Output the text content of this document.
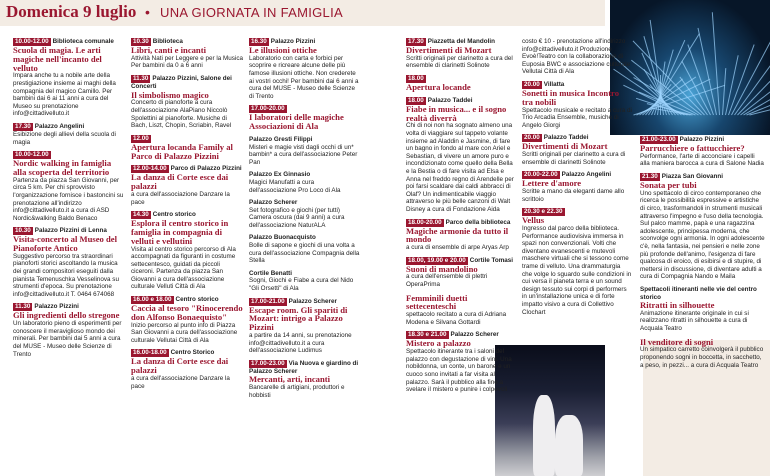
Domenica 9 luglio • UNA GIORNATA IN FAMIGLIA
10.00-12.00 Biblioteca comunale
Scuola di magia. Le arti magiche nell'incanto del velluto
Impara anche tu a nobile arte della prestigiazione insieme ai maghi della compagnia del magico Camillo. Per bambini dai 6 ai 11 anni a cura del Museo su prenotazione info@cittadivelluto.it
17.30 Palazzo Angelini
Esibizione degli allievi della scuola di magia
10.00-12.00
Nordic walking in famiglia alla scoperta del territorio
Partenza da piazza San Giovanni, per circa 5 km. Per chi sprovvisto l'organizzazione fornisce i bastoncini su prenotazione all'indirizzo info@cittadivelluto.it a cura di ASD Nordic&walking Baldo Benaco
10.30 Palazzo Pizzini di Lenna
Visita-concerto al Museo del Pianoforte Antico
Suggestivo percorso tra straordinari pianoforti storici ascoltando la musica dei grandi compositori eseguiti dalla pianista Temenuschka Vesselinova su strumenti d'epoca. Su prenotazione info@cittadivelluto.it T. 0464 674068
11.30 Palazzo Pizzini
Gli ingredienti dello stregone
Un laboratorio pieno di esperimenti per conoscere il meraviglioso mondo dei minerali. Per bambini dai 5 anni a cura del MUSE - Museo delle Scienze di Trento
10.30 Biblioteca
Libri, canti e incanti
Attività Nati per Leggere e per la Musica Per bambini da 0 a 6 anni
11.30 Palazzo Pizzini, Salone dei Concerti
Il simbolismo magico
Concerto di pianoforte a cura dell'associazione AlaPiano Niccolò Spolettini al pianoforte. Musiche di Bach, Liszt, Chopin, Scriabin, Ravel
12.00
Apertura locanda Family al Parco di Palazzo Pizzini
12.00-14.00 Parco di Palazzo Pizzini
La danza di Corte esce dai palazzi
a cura dell'associazione Danzare la pace
14.30 Centro storico
Esplora il centro storico in famiglia in compagnia di velluti e vellutini
Visita al centro storico percorso di Ala accompagnati da figuranti in costume settecentesco, guidati da piccoli ciceroni. Partenza da piazza San Giovanni a cura dell'associazione culturale Velluti Città di Ala
16.00 e 18.00 Centro storico
Caccia al tesoro "Rinocerendo don Alfonso Bonaequisto"
Inizio percorso al punto info di Piazza San Giovanni a cura dell'associazione culturale Vellutai Città di Ala
16.00-18.00 Centro Storico
La danza di Corte esce dai palazzi
a cura dell'associazione Danzare la pace
16.30 Palazzo Pizzini
Le illusioni ottiche
Laboratorio con carta e forbici per scoprire e ricreare alcune delle più famose illusioni ottiche. Non crederete ai vostri occhi! Per bambini dai 6 anni a cura del MUSE - Museo delle Scienze di Trento
17.00-20.00
I laboratori delle magiche Associazioni di Ala
Palazzo Gresti Filippi
Misteri e magie visti dagli occhi di un* bambin* a cura dell'associazione Peter Pan
Palazzo Ex Ginnasio
Magici Manufatti a cura dell'associazione Pro Loco di Ala
Palazzo Scherer
Set fotografico e giochi (per tutti) Camera oscura (dai 9 anni) a cura dell'associazione NaturALA
Palazzo Buonacquisto
Bolle di sapone e giochi di una volta a cura dell'associazione Compagnia della Stella
Cortile Benatti
Sogni, Giochi e Fiabe a cura del Nido "Gli Orsetti" di Ala
17.00-21.00 Palazzo Scherer
Escape room. Gli spariti di Mozart: intrigo a Palazzo Pizzini
a partire da 14 anni, su prenotazione info@cittadivelluto.it a cura dell'associazione Ludimus
17.00-23.00 Via Nuova e giardino di Palazzo Scherer
Mercanti, arti, incanti
Bancarelle di artigiani, produttori e hobbisti
17.30 Piazzetta del Mandolin
Divertimenti di Mozart
Scritti originali per clarinetto a cura del ensemble di clarinetti Solinote
18.00
Apertura locande
18.00 Palazzo Taddei
Fiabe in musica... e il sogno realtà diverrà
Chi di noi non ha sognato almeno una volta di viaggiare sul tappeto volante insieme ad Aladdin e Jasmine, di fare un bagno in fondo al mare con Ariel e Sebastian, di vivere un amore puro e incondizionato come quello della Bella e la Bestia o di fare visita ad Elsa e Anna nel freddo regno di Arendelle per poi farsi scaldare dai caldi abbracci di Olaf? Un indimenticabile viaggio attraverso le più belle canzoni di Walt Disney a cura di Fondazione Aida
18.00-20.00 Parco della biblioteca
Magiche armonie da tutto il mondo
a cura di ensemble di arpe Aryas Arp
18.00, 19.00 e 20.00 Cortile Tomasi
Suoni di mandolino
a cura dell'ensemble di plettri OperaPrima
Femminili duetti settecenteschi
spettacolo recitato a cura di Adriana Modena e Silvana Gottardi
18.30 e 21.00 Palazzo Scherer
Mistero a palazzo
Spettacolo itinerante tra i saloni del palazzo con degustazione di vini. Una nobildonna, un conte, un barone e un cuoco sono invitati a far visita al palazzo. Sarà il pubblico alla fine a svelare il mistero e punire i colpevoli
costo € 10 - prenotazione all'indirizzo info@cittadivelluto.it Produzione Evoè!Teatro con la collaborazione di Euposia BWC e associazione culturale Vellutai Città di Ala
20.00 Villatta
Sonetti in musica Incontro tra nobili
Spettacolo musicale e recitato a cura di Trio Arcadia Ensemble, musiche di Angelo Giorgi
20.00 Palazzo Taddei
Divertimenti di Mozart
Scritti originali per clarinetto a cura di ensemble di clarinetti Solinote
20.00-22.00 Palazzo Angelini
Lettere d'amore
Scritte a mano da eleganti dame allo scrittoio
20.30 e 22.30
Vellus
Ingresso dal parco della biblioteca. Performance audiovisiva immersa in spazi non convenzionali. Volti che diventano evanescenti e mutevoli maschere virtuali che si tessono come trame di velluto. Una drammaturgia che volge lo sguardo sulle condizioni in cui versa il pianeta terra e un sound design tessuto sui corpi di performers in un'installazione unica e di forte impatto visivo a cura di Collettivo Clochart
21.00-23.00 Palazzo Pizzini
Parrucchiere o fattucchiere?
Performance, l'arte di acconciare i capelli alla maniera barocca a cura di Salone Nadia
21.30 Piazza San Giovanni
Sonata per tubi
Uno spettacolo di circo contemporaneo che ricerca le possibilità espressive e artistiche di circo, trasformandoli in strumenti musicali attraverso l'impegno e l'uso della tecnologia. Sul palco mamme, papà e una ragazzina adolescente, principessa moderna, che sconvolge ogni armonia. In ogni adolescente c'è, nella fantasia, nei pensieri e nelle zone più profonde dell'animo, l'esigenza di fare qualcosa di eroico, di esibirsi e di stupire, di mettersi in discussione, di diventare adulti a cura di Compagnia Nando e Maila
Spettacoli itineranti nelle vie del centro storico
Ritratti in silhouette
Animazione itinerante originale in cui si realizzano ritratti in silhouette a cura di Acquala Teatro
Il venditore di sogni
Un simpatico carretto coinvolgerà il pubblico proponendo sogni in boccetta, in sacchetto, a peso, in pezzi... a cura di Acquala Teatro
